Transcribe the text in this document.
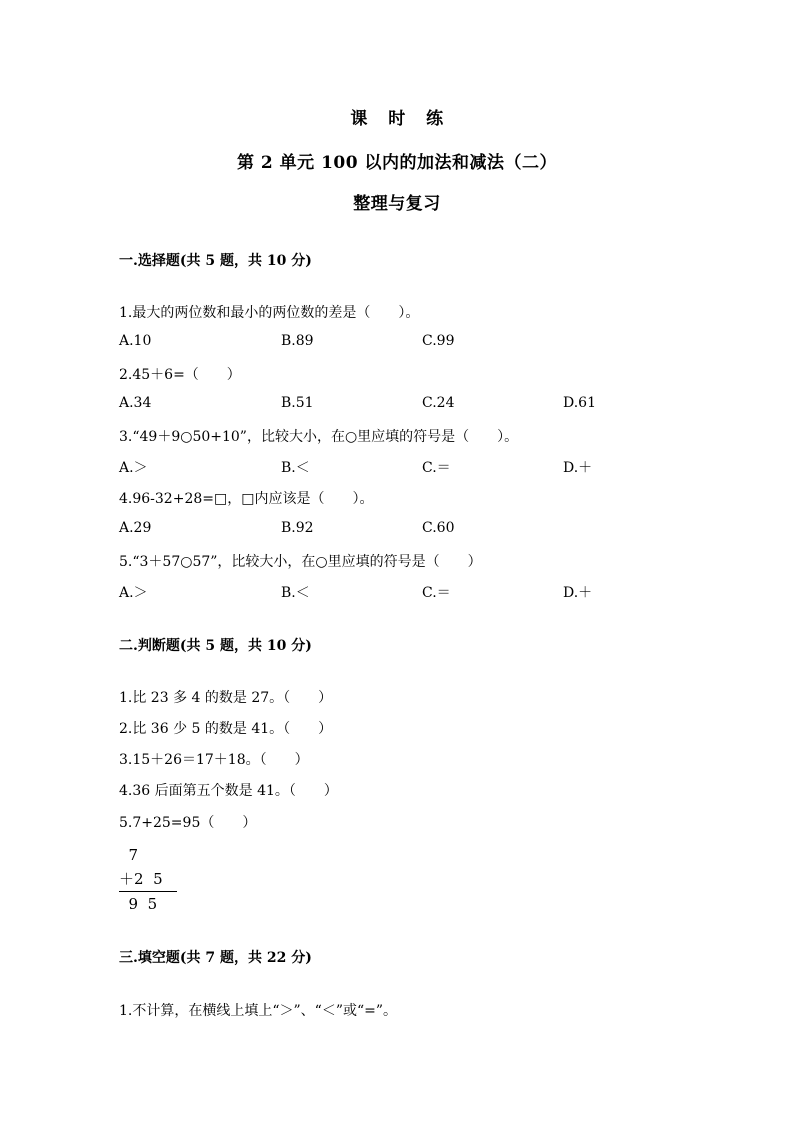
课 时 练
第 2 单元 100 以内的加法和减法（二）
整理与复习
一.选择题(共 5 题，共 10 分)
1.最大的两位数和最小的两位数的差是（　　）。
A.10	B.89	C.99
2.45＋6=（　　）
A.34	B.51	C.24	D.61
3.“49＋9○50+10”，比较大小，在○里应填的符号是（　　）。
A.＞	B.＜	C.＝	D.＋
4.96-32+28=□，□内应该是（　　）。
A.29	B.92	C.60
5.“3＋57○57”，比较大小，在○里应填的符号是（　　）
A.＞	B.＜	C.＝	D.＋
二.判断题(共 5 题，共 10 分)
1.比 23 多 4 的数是 27。（　　）
2.比 36 少 5 的数是 41。（　　）
3.15＋26＝17＋18。（　　）
4.36 后面第五个数是 41。（　　）
5.7+25=95（　　）
7
＋2  5
9  5
三.填空题(共 7 题，共 22 分)
1.不计算，在横线上填上“＞”、“＜”或“=”。
